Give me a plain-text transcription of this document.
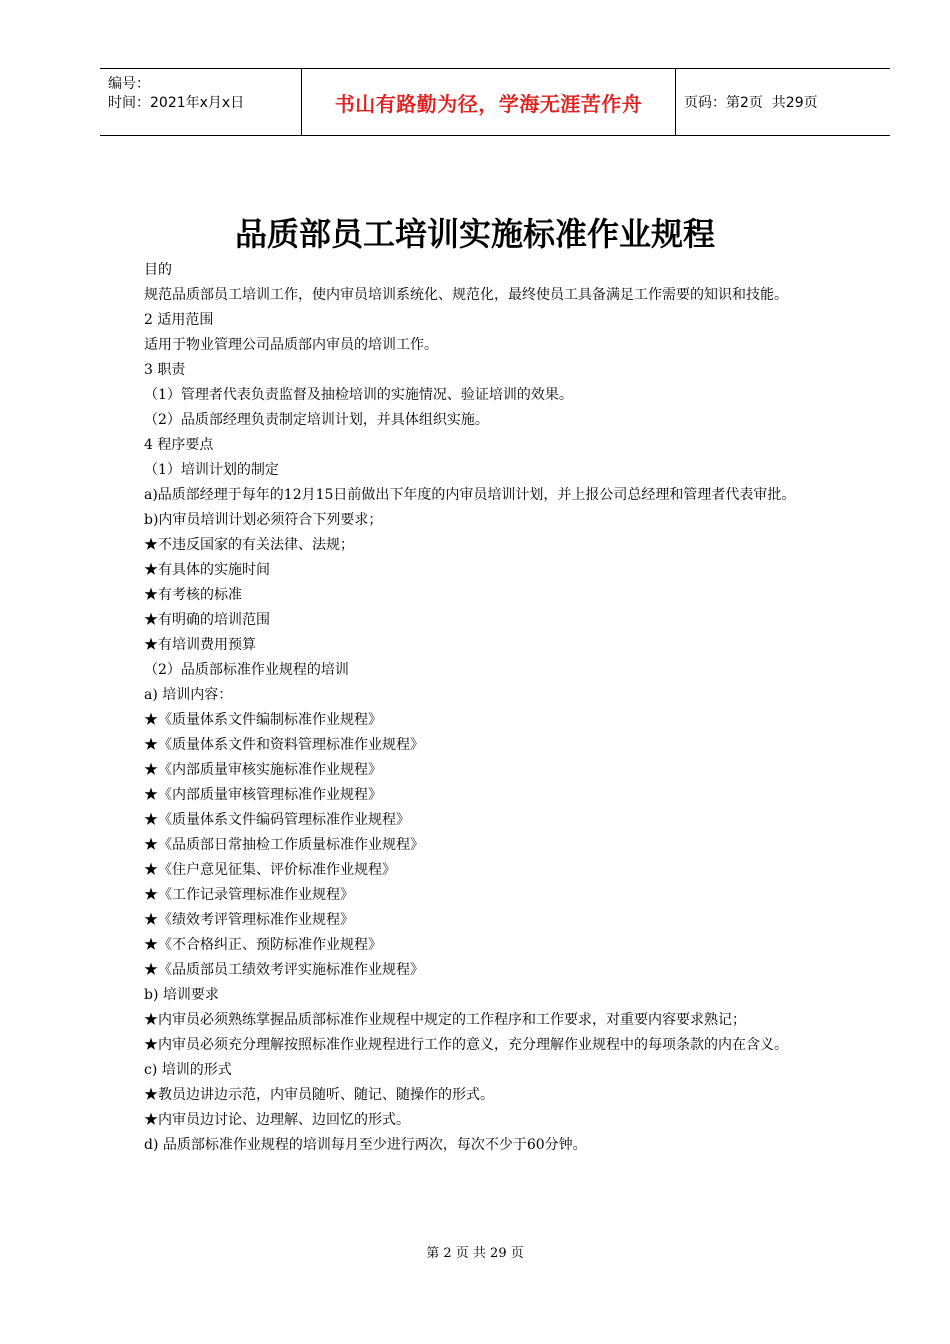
编号：
时间：2021年x月x日	书山有路勤为径，学海无涯苦作舟	页码：第2页  共29页
品质部员工培训实施标准作业规程
目的
规范品质部员工培训工作，使内审员培训系统化、规范化，最终使员工具备满足工作需要的知识和技能。
2 适用范围
适用于物业管理公司品质部内审员的培训工作。
3 职责
（1）管理者代表负责监督及抽检培训的实施情况、验证培训的效果。
（2）品质部经理负责制定培训计划，并具体组织实施。
4 程序要点
（1）培训计划的制定
a)品质部经理于每年的12月15日前做出下年度的内审员培训计划，并上报公司总经理和管理者代表审批。
b)内审员培训计划必须符合下列要求；
★不违反国家的有关法律、法规；
★有具体的实施时间
★有考核的标准
★有明确的培训范围
★有培训费用预算
（2）品质部标准作业规程的培训
a) 培训内容：
★《质量体系文件编制标准作业规程》
★《质量体系文件和资料管理标准作业规程》
★《内部质量审核实施标准作业规程》
★《内部质量审核管理标准作业规程》
★《质量体系文件编码管理标准作业规程》
★《品质部日常抽检工作质量标准作业规程》
★《住户意见征集、评价标准作业规程》
★《工作记录管理标准作业规程》
★《绩效考评管理标准作业规程》
★《不合格纠正、预防标准作业规程》
★《品质部员工绩效考评实施标准作业规程》
b) 培训要求
★内审员必须熟练掌握品质部标准作业规程中规定的工作程序和工作要求，对重要内容要求熟记；
★内审员必须充分理解按照标准作业规程进行工作的意义，充分理解作业规程中的每项条款的内在含义。
c) 培训的形式
★教员边讲边示范，内审员随听、随记、随操作的形式。
★内审员边讨论、边理解、边回忆的形式。
d) 品质部标准作业规程的培训每月至少进行两次，每次不少于60分钟。
第 2 页 共 29 页
